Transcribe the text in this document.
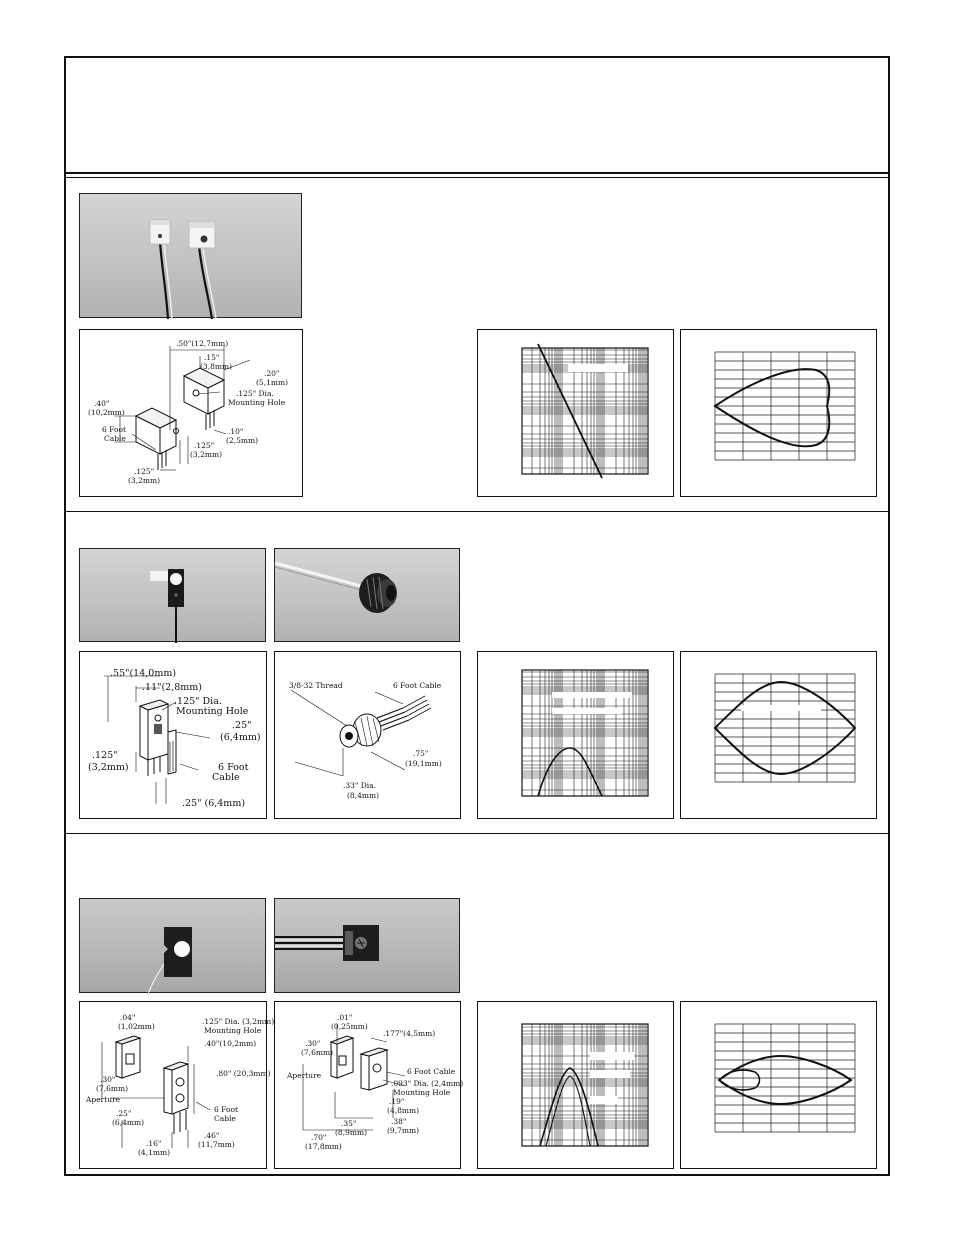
.50"(12,7mm)
.15"
(3,8mm)
.20"
(5,1mm)
.125" Dia.
Mounting Hole
.40"
(10,2mm)
6 Foot
Cable
.10"
(2,5mm)
.125"
(3,2mm)
.125"
(3,2mm)
.55"(14,0mm)
.11"(2,8mm)
.125" Dia.
Mounting Hole
.25"
(6,4mm)
.125"
(3,2mm)	6 Foot
Cable
.25" (6,4mm)
3/8-32 Thread	6 Foot Cable
.75"
(19,1mm)
.33" Dia.
(8,4mm)
.04"
(1,02mm)
.125" Dia. (3,2mm)
Mounting Hole
.40"(10,2mm)
.30"
(7,6mm)
Aperture
.80" (20,3mm)
.25"
(6,4mm)
6 Foot
Cable
.16"
(4,1mm)
.46"
(11,7mm)
.01"
(0,25mm)
.177"(4,5mm)
.30"
(7,6mm)
Aperture	6 Foot Cable
.093" Dia. (2,4mm)
Mounting Hole
.19"
(4,8mm)
.35"
(8,9mm)
.38"
(9,7mm)
.70"
(17,8mm)
